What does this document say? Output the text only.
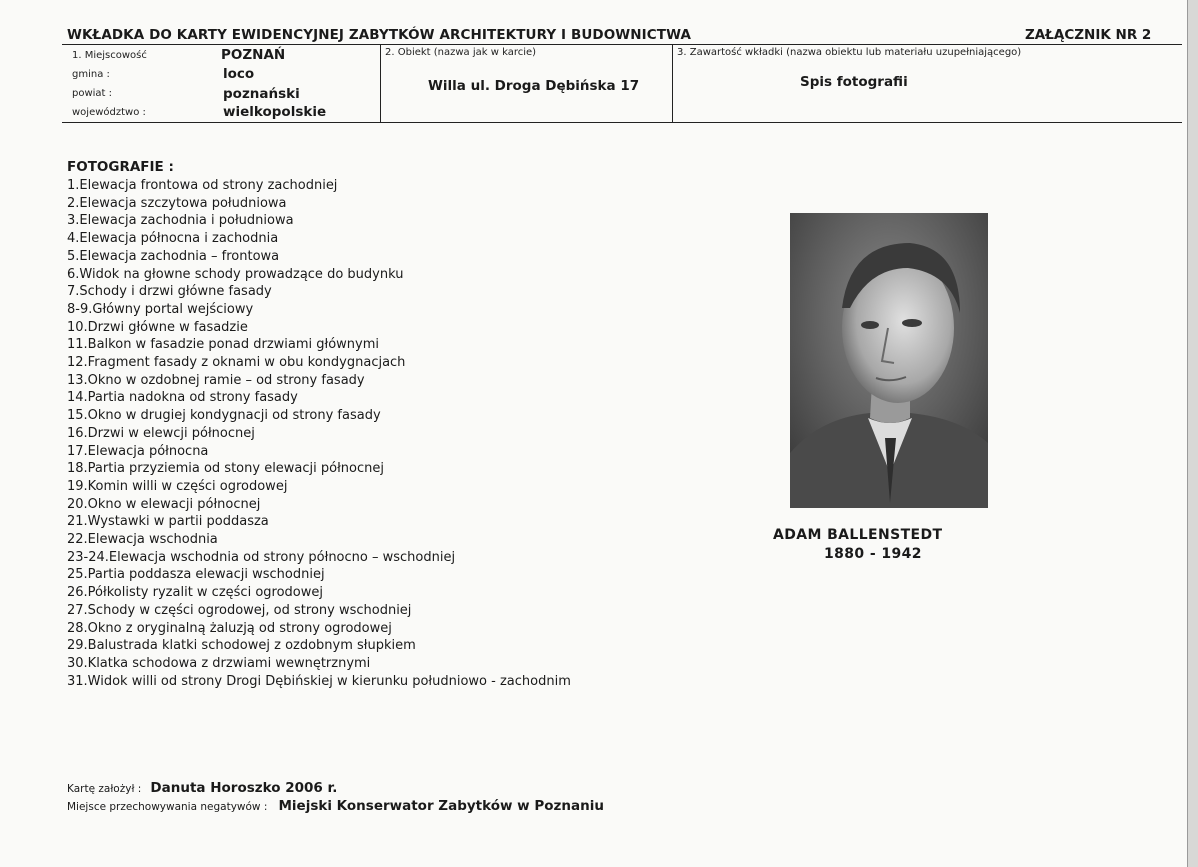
WKŁADKA DO KARTY EWIDENCYJNEJ ZABYTKÓW ARCHITEKTURY I BUDOWNICTWA	ZAŁĄCZNIK NR 2
1. Miejscowość	POZNAŃ
gmina :	loco
powiat :	poznański
województwo :	wielkopolskie
2. Obiekt (nazwa jak w karcie)
Willa ul. Droga Dębińska 17
3. Zawartość wkładki (nazwa obiektu lub materiału uzupełniającego)
Spis fotografii
FOTOGRAFIE :
1.Elewacja frontowa od strony zachodniej
2.Elewacja szczytowa południowa
3.Elewacja zachodnia i południowa
4.Elewacja północna i zachodnia
5.Elewacja zachodnia – frontowa
6.Widok na głowne schody prowadzące do budynku
7.Schody i drzwi główne fasady
8-9.Główny portal wejściowy
10.Drzwi główne w fasadzie
11.Balkon w fasadzie ponad drzwiami głównymi
12.Fragment fasady z oknami w obu kondygnacjach
13.Okno w ozdobnej ramie – od strony fasady
14.Partia nadokna od strony fasady
15.Okno w drugiej kondygnacji od strony fasady
16.Drzwi w elewcji północnej
17.Elewacja północna
18.Partia przyziemia od stony elewacji północnej
19.Komin willi w części ogrodowej
20.Okno w elewacji północnej
21.Wystawki w partii poddasza
22.Elewacja wschodnia
23-24.Elewacja wschodnia od strony północno – wschodniej
25.Partia poddasza elewacji wschodniej
26.Półkolisty ryzalit w części ogrodowej
27.Schody w części ogrodowej, od strony wschodniej
28.Okno z oryginalną żaluzją od strony ogrodowej
29.Balustrada klatki schodowej z ozdobnym słupkiem
30.Klatka schodowa z drzwiami wewnętrznymi
31.Widok willi od strony Drogi Dębińskiej w kierunku południowo - zachodnim
ADAM BALLENSTEDT
1880 - 1942
Kartę założył : Danuta Horoszko 2006 r.
Miejsce przechowywania negatywów : Miejski Konserwator Zabytków w Poznaniu
